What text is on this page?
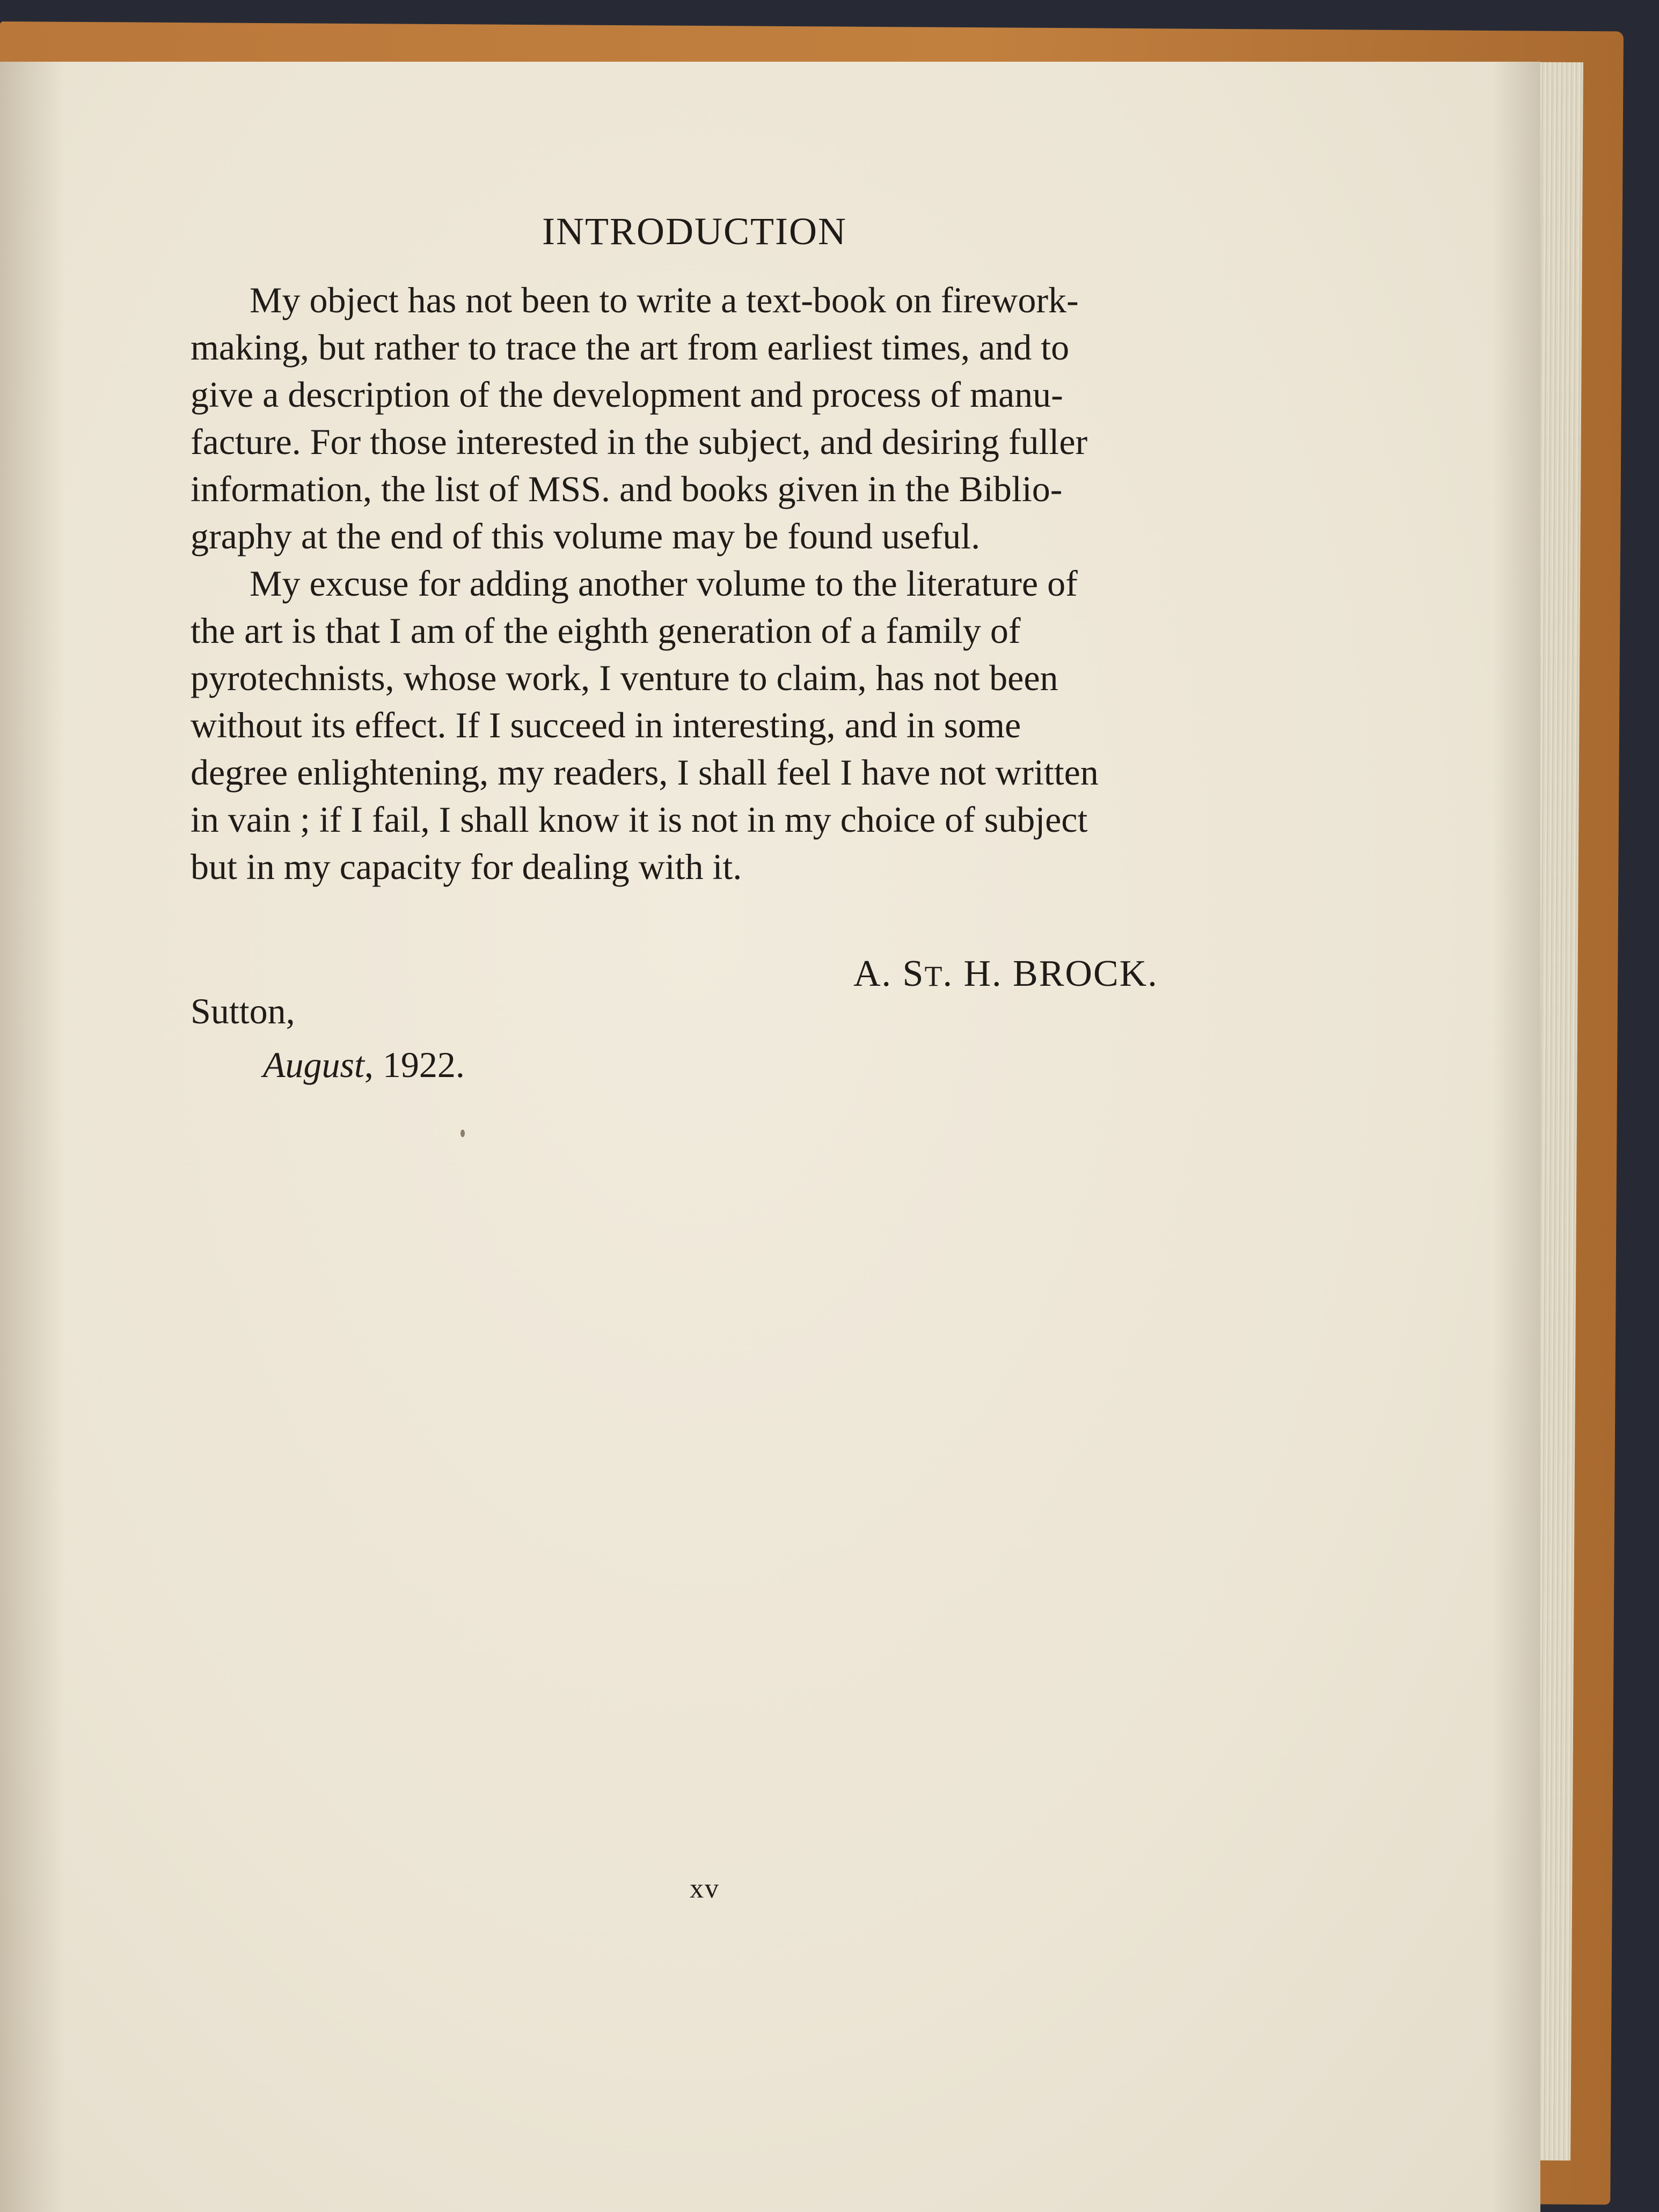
INTRODUCTION
My object has not been to write a text-book on firework-
making, but rather to trace the art from earliest times, and to
give a description of the development and process of manu-
facture. For those interested in the subject, and desiring fuller
information, the list of MSS. and books given in the Biblio-
graphy at the end of this volume may be found useful.
My excuse for adding another volume to the literature of
the art is that I am of the eighth generation of a family of
pyrotechnists, whose work, I venture to claim, has not been
without its effect. If I succeed in interesting, and in some
degree enlightening, my readers, I shall feel I have not written
in vain ; if I fail, I shall know it is not in my choice of subject
but in my capacity for dealing with it.
A. ST. H. BROCK.
Sutton,
August, 1922.
xv
